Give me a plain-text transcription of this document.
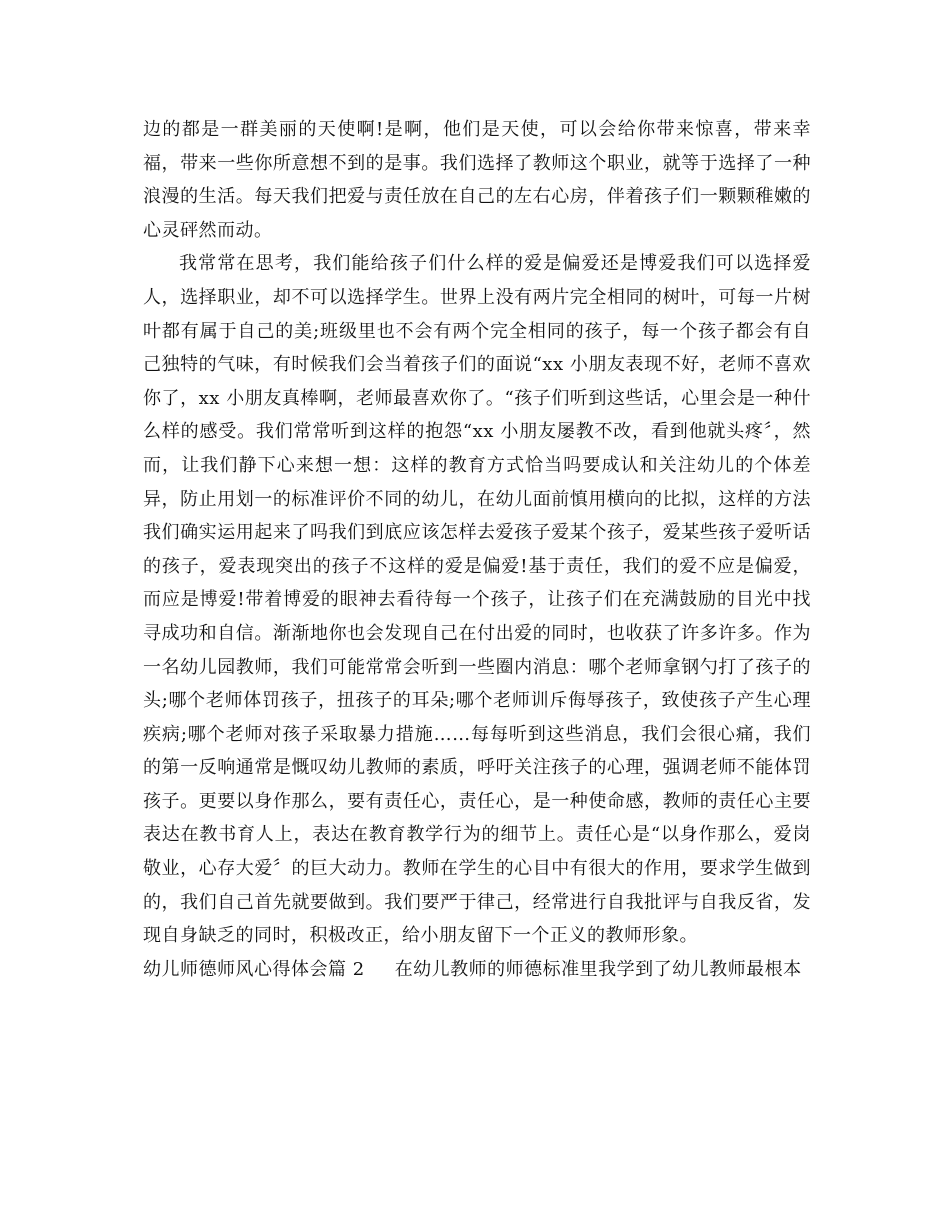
边的都是一群美丽的天使啊!是啊，他们是天使，可以会给你带来惊喜，带来幸福，带来一些你所意想不到的是事。我们选择了教师这个职业，就等于选择了一种浪漫的生活。每天我们把爱与责任放在自己的左右心房，伴着孩子们一颗颗稚嫩的心灵砰然而动。

我常常在思考，我们能给孩子们什么样的爱是偏爱还是博爱我们可以选择爱人，选择职业，却不可以选择学生。世界上没有两片完全相同的树叶，可每一片树叶都有属于自己的美;班级里也不会有两个完全相同的孩子，每一个孩子都会有自己独特的气味，有时候我们会当着孩子们的面说“xx 小朋友表现不好，老师不喜欢你了，xx 小朋友真棒啊，老师最喜欢你了。“孩子们听到这些话，心里会是一种什么样的感受。我们常常听到这样的抱怨“xx 小朋友屡教不改，看到他就头疼〞，然而，让我们静下心来想一想：这样的教育方式恰当吗要成认和关注幼儿的个体差异，防止用划一的标准评价不同的幼儿，在幼儿面前慎用横向的比拟，这样的方法我们确实运用起来了吗我们到底应该怎样去爱孩子爱某个孩子，爱某些孩子爱听话的孩子，爱表现突出的孩子不这样的爱是偏爱!基于责任，我们的爱不应是偏爱，而应是博爱!带着博爱的眼神去看待每一个孩子，让孩子们在充满鼓励的目光中找寻成功和自信。渐渐地你也会发现自己在付出爱的同时，也收获了许多许多。作为一名幼儿园教师，我们可能常常会听到一些圈内消息：哪个老师拿钢勺打了孩子的头;哪个老师体罚孩子，扭孩子的耳朵;哪个老师训斥侮辱孩子，致使孩子产生心理疾病;哪个老师对孩子采取暴力措施……每每听到这些消息，我们会很心痛，我们的第一反响通常是慨叹幼儿教师的素质，呼吁关注孩子的心理，强调老师不能体罚孩子。更要以身作那么，要有责任心，责任心，是一种使命感，教师的责任心主要表达在教书育人上，表达在教育教学行为的细节上。责任心是“以身作那么，爱岗敬业，心存大爱〞的巨大动力。教师在学生的心目中有很大的作用，要求学生做到的，我们自己首先就要做到。我们要严于律己，经常进行自我批评与自我反省，发现自身缺乏的同时，积极改正，给小朋友留下一个正义的教师形象。

幼儿师德师风心得体会篇 2 在幼儿教师的师德标准里我学到了幼儿教师最根本
